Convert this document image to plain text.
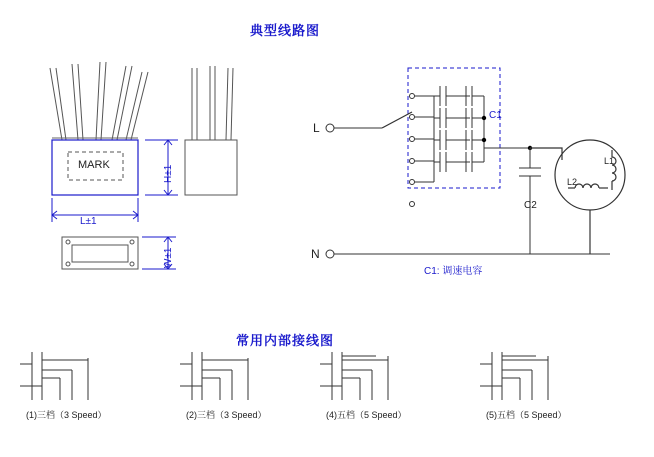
典型线路图
常用内部接线图
MARK	H±1
L±1
W±1
L
N
C1
C2
L1
L2
C1: 调速电容
(1)三档（3 Speed）	(2)三档（3 Speed）	(4)五档（5 Speed）	(5)五档（5 Speed）
